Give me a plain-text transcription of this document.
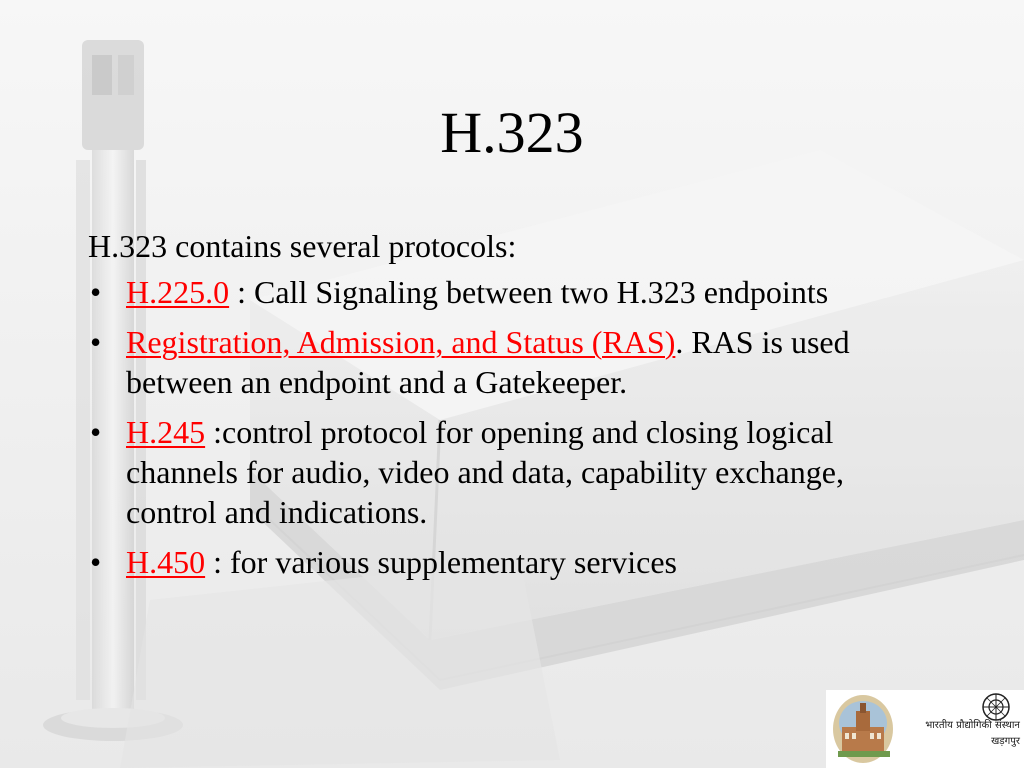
H.323

H.323 contains several protocols:

• H.225.0 : Call Signaling between two H.323 endpoints
• Registration, Admission, and Status (RAS). RAS is used between an endpoint and a Gatekeeper.
• H.245 :control protocol for opening and closing logical channels for audio, video and data, capability exchange, control and indications.
• H.450 : for various supplementary services
भारतीय प्रौद्योगिकी संस्थान
खड़गपुर
